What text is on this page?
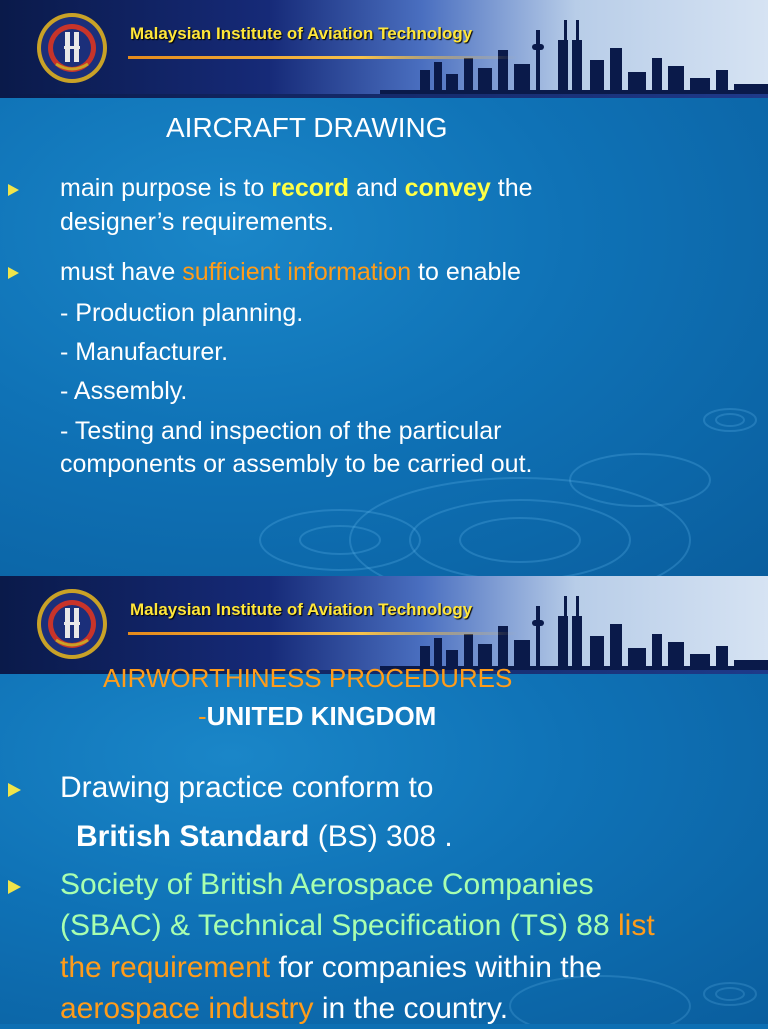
Malaysian Institute of Aviation Technology
AIRCRAFT DRAWING
main purpose is to record and convey the
designer’s requirements.
must have sufficient information to enable
- Production planning.
- Manufacturer.
- Assembly.
- Testing and inspection of the particular
components or assembly to be carried out.
Malaysian Institute of Aviation Technology
AIRWORTHINESS PROCEDURES
-UNITED KINGDOM
Drawing practice conform to
British Standard (BS) 308 .
Society of British Aerospace Companies
(SBAC) & Technical Specification (TS) 88 list
the requirement for companies within the
aerospace industry in the country.
